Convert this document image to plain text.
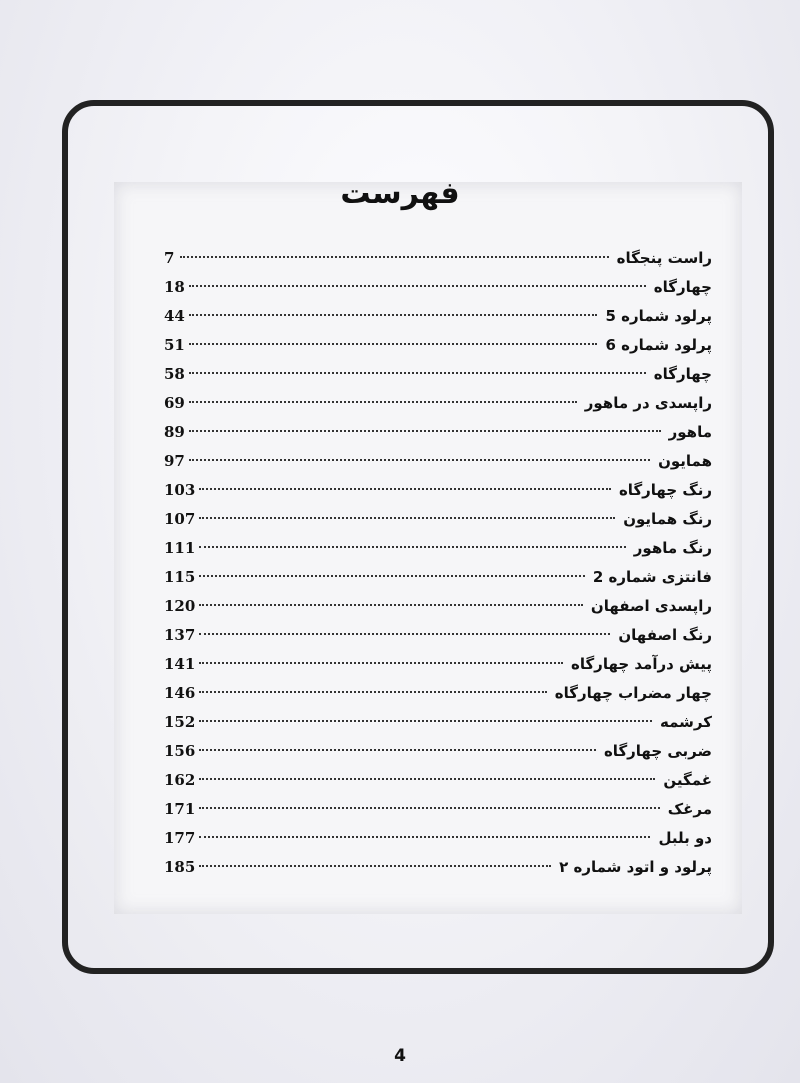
فهرست
راست پنجگاه
7
چهارگاه
18
پرلود شماره 5
44
پرلود شماره 6
51
چهارگاه
58
راپسدی در ماهور
69
ماهور
89
همایون
97
رنگ چهارگاه
103
رنگ همایون
107
رنگ ماهور
111
فانتزی شماره 2
115
راپسدی اصفهان
120
رنگ اصفهان
137
پیش درآمد چهارگاه
141
چهار مضراب چهارگاه
146
کرشمه
152
ضربی چهارگاه
156
غمگین
162
مرغک
171
دو بلبل
177
پرلود و اتود شماره ۲
185
4
